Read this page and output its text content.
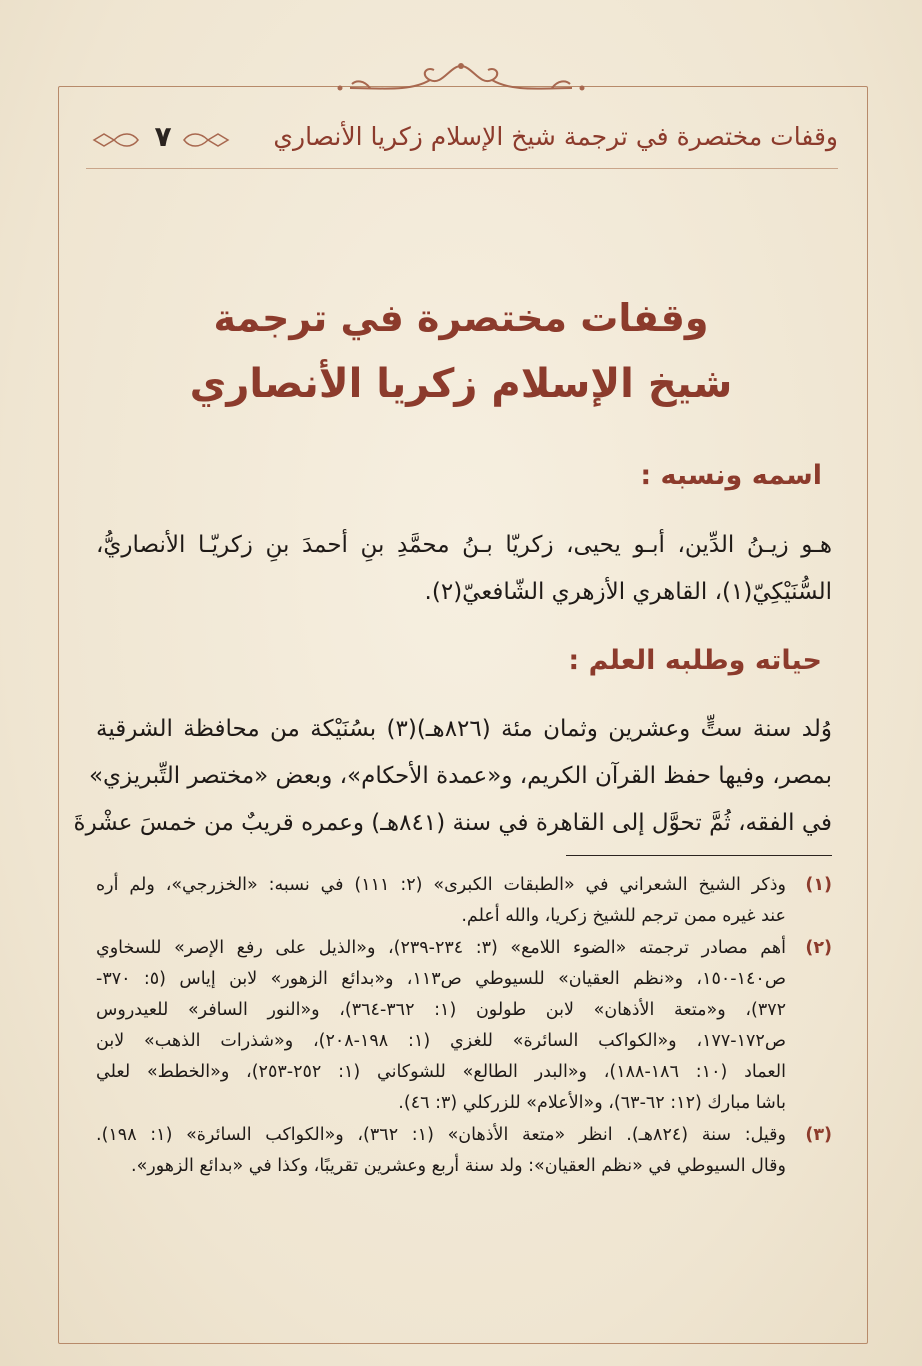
وقفات مختصرة في ترجمة شيخ الإسلام زكريا الأنصاري
٧
وقفات مختصرة في ترجمة
شيخ الإسلام زكريا الأنصاري
اسمه ونسبه :
هـو زيـنُ الدِّين، أبـو يحيى، زكريّا بـنُ محمَّدِ بنِ أحمدَ بنِ زكريّـا الأنصاريُّ،
السُّنَيْكِيّ(١)، القاهري الأزهري الشّافعيّ(٢).
حياته وطلبه العلم :
وُلد سنة ستٍّ وعشرين وثمان مئة (٨٢٦هـ)(٣) بسُنَيْكة من محافظة الشرقية
بمصر، وفيها حفظ القرآن الكريم، و«عمدة الأحكام»، وبعض «مختصر التِّبريزي»
في الفقه، ثُمَّ تحوَّل إلى القاهرة في سنة (٨٤١هـ) وعمره قريبٌ من خمسَ عشْرةَ
(١)
وذكر الشيخ الشعراني في «الطبقات الكبرى» (٢: ١١١) في نسبه: «الخزرجي»، ولم أره
عند غيره ممن ترجم للشيخ زكريا، والله أعلم.
(٢)
أهم مصادر ترجمته «الضوء اللامع» (٣: ٢٣٤-٢٣٩)، و«الذيل على رفع الإصر» للسخاوي
ص١٤٠-١٥٠، و«نظم العقيان» للسيوطي ص١١٣، و«بدائع الزهور» لابن إياس (٥: ٣٧٠-
٣٧٢)، و«متعة الأذهان» لابن طولون (١: ٣٦٢-٣٦٤)، و«النور السافر» للعيدروس
ص١٧٢-١٧٧، و«الكواكب السائرة» للغزي (١: ١٩٨-٢٠٨)، و«شذرات الذهب» لابن
العماد (١٠: ١٨٦-١٨٨)، و«البدر الطالع» للشوكاني (١: ٢٥٢-٢٥٣)، و«الخطط» لعلي
باشا مبارك (١٢: ٦٢-٦٣)، و«الأعلام» للزركلي (٣: ٤٦).
(٣)
وقيل: سنة (٨٢٤هـ). انظر «متعة الأذهان» (١: ٣٦٢)، و«الكواكب السائرة» (١: ١٩٨).
وقال السيوطي في «نظم العقيان»: ولد سنة أربع وعشرين تقريبًا، وكذا في «بدائع الزهور».
